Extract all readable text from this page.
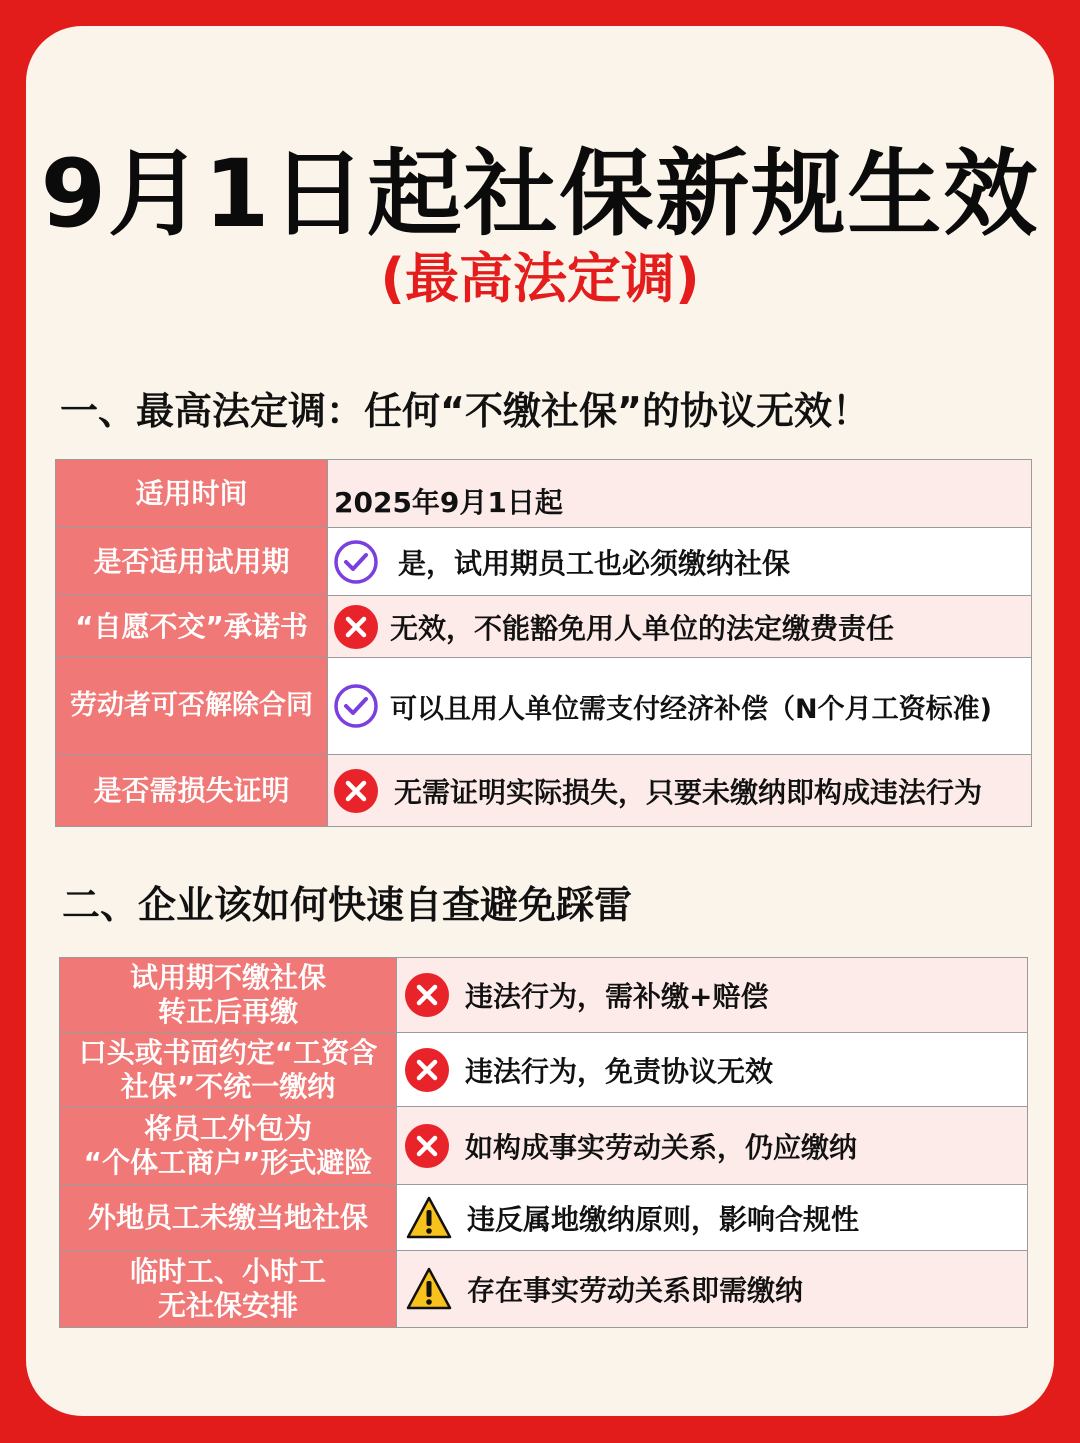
9月1日起社保新规生效
(最高法定调)
一、最高法定调：任何“不缴社保”的协议无效！
适用时间	2025年9月1日起

是否适用试用期	是，试用期员工也必须缴纳社保

“自愿不交”承诺书	无效，不能豁免用人单位的法定缴费责任

劳动者可否解除合同	可以且用人单位需支付经济补偿（N个月工资标准)

是否需损失证明	无需证明实际损失，只要未缴纳即构成违法行为
二、企业该如何快速自查避免踩雷
试用期不缴社保
转正后再缴	违法行为，需补缴+赔偿

口头或书面约定“工资含
社保”不统一缴纳	违法行为，免责协议无效

将员工外包为
“个体工商户”形式避险	如构成事实劳动关系，仍应缴纳

外地员工未缴当地社保	违反属地缴纳原则，影响合规性

临时工、小时工
无社保安排	存在事实劳动关系即需缴纳
